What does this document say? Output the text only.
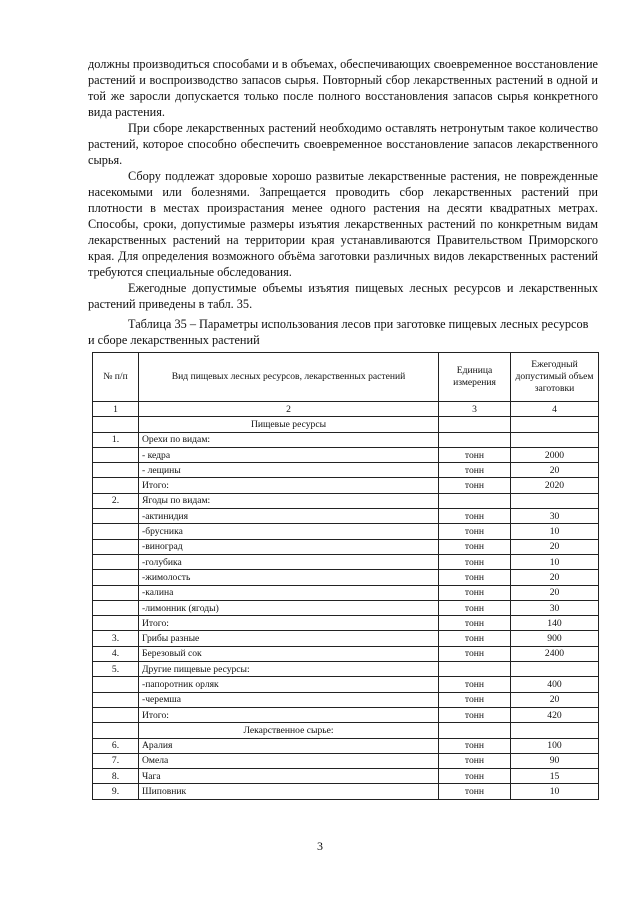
должны производиться способами и в объемах, обеспечивающих своевременное восстановление растений и воспроизводство запасов сырья. Повторный сбор лекарственных растений в одной и той же заросли допускается только после полного восстановления запасов сырья конкретного вида растения.

При сборе лекарственных растений необходимо оставлять нетронутым такое количество растений, которое способно обеспечить своевременное восстановление запасов лекарственного сырья.

Сбору подлежат здоровые хорошо развитые лекарственные растения, не поврежденные насекомыми или болезнями. Запрещается проводить сбор лекарственных растений при плотности в местах произрастания менее одного растения на десяти квадратных метрах. Способы, сроки, допустимые размеры изъятия лекарственных растений по конкретным видам лекарственных растений на территории края устанавливаются Правительством Приморского края. Для определения возможного объёма заготовки различных видов лекарственных растений требуются специальные обследования.

Ежегодные допустимые объемы изъятия пищевых лесных ресурсов и лекарственных растений приведены в табл. 35.

Таблица 35 – Параметры использования лесов при заготовке пищевых лесных ресурсов и сборе лекарственных растений

№ п/п	Вид пищевых лесных ресурсов, лекарственных растений	Единица измерения	Ежегодный допустимый объем заготовки
1	2	3	4
	Пищевые ресурсы		
1.	Орехи по видам:		
	- кедра	тонн	2000
	- лещины	тонн	20
	Итого:	тонн	2020
2.	Ягоды по видам:		
	-актинидия	тонн	30
	-брусника	тонн	10
	-виноград	тонн	20
	-голубика	тонн	10
	-жимолость	тонн	20
	-калина	тонн	20
	-лимонник (ягоды)	тонн	30
	Итого:	тонн	140
3.	Грибы разные	тонн	900
4.	Березовый сок	тонн	2400
5.	Другие пищевые ресурсы:		
	-папоротник орляк	тонн	400
	-черемша	тонн	20
	Итого:	тонн	420
	Лекарственное сырье:		
6.	Аралия	тонн	100
7.	Омела	тонн	90
8.	Чага	тонн	15
9.	Шиповник	тонн	10
3
